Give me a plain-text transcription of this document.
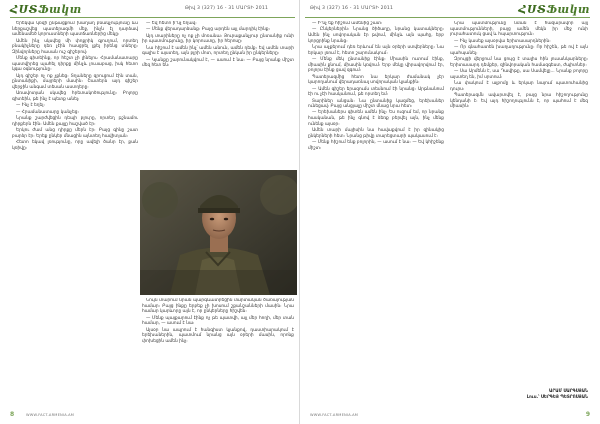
ՀՍՏՖակտ	Թիվ 3 (327) 16 - 31 ՄԱՐՏԻ 2011

Երեկվա կռվի ընթացքում խաղաղ բնակչությունը ևս ներքաշվեց պատերազմի մեջ, ինչն էլ դարձավ ամենամեծ կորուստների պատճառներից մեկը։

Ամեն ինչ սկսվեց մի փոքրիկ գյուղում, որտեղ բնակիչները դեռ չէին հասցրել լքել իրենց տները։ Զինվորները հասան ուշ գիշերով։

Մենք գիտեինք, որ հեշտ չի լինելու։ Հրամանատարը պատվիրեց պահել դիրքը մինչև լուսաբաց, իսկ հետո կգա օգնությունը։

Այդ գիշեր ոչ ոք չքնեց։ Տղաները զրուցում էին տան, ընտանիքի, մայրերի մասին։ Շատերն այդ գիշեր վերջին անգամ տեսան աստղերը։

Առավոտյան սկսվեց հրետակոծությունը։ Բոլորը գիտեին, թե ինչ է պետք անել։

— Ինչ է եղել։

— Հրամանատարը կանչեց։

Նրանք շարժվեցին դեպի բլուրը, որտեղ թշնամու դիրքերն էին։ Ամեն քայլը հաշված էր։

Երկու ժամ անց դիրքը մերն էր։ Բայց գինը շատ բարձր էր։ Երեք ընկեր մնացին այնտեղ հավիտյան։

Հետո եկավ լռությունը, որը ավելի ծանր էր, քան կռիվը։

— Եվ հետո ի՞նչ եղավ։

— Մենք վերադարձանք։ Բայց արդեն այլ մարդիկ էինք։

Այդ տարիները ոչ ոք չի մոռանա։ Յուրաքանչյուր ընտանիք ունի իր պատմությունը, իր կորուստը, իր հերոսը։

Նա հիշում է ամեն ինչ՝ ամեն անուն, ամեն դեմք։ Եվ ամեն տարի գալիս է այստեղ, այն բլրի մոտ, որտեղ ընկան իր ընկերները։

— Կյանքը շարունակվում է, — ասում է նա։ — Բայց նրանք միշտ մեզ հետ են։

Նույն տարում նրան պարգևատրեցին մարտական ծառայության համար։ Բայց ինքը երբեք չի խոսում շքանշանների մասին։ Նրա համար կարևորը այն է, որ ընկերները հիշվեն։

— Մենք պայքարում էինք ոչ թե պատվի, այլ մեր հողի, մեր տան համար, — ասում է նա։

Այսօր նա ապրում է հանգիստ կյանքով, դաստիարակում է երեխաներին, պատմում նրանց այն օրերի մասին, որոնք փոխեցին ամեն ինչ։

8	WWW.FACT-ARMENIA.AM
Թիվ 3 (327) 16 - 31 ՄԱՐՏԻ 2011	ՀՍՏՖակտ

— Ի՞նչ եք հիշում ամենից շատ։

— Ընկերներին։ Նրանց ծիծաղը, նրանց կատակները։ Ամեն ինչ սովորական էր թվում, մինչև այն պահը, երբ կորցրինք նրանց։

Նրա աչքերում դեռ երևում են այն օրերի ստվերները։ Նա երկար լռում է, հետո շարունակում։

— Մենք մեկ ընտանիք էինք։ Միասին ուտում էինք, միասին քնում, միասին կռվում։ Երբ մեկը վիրավորվում էր, բոլորս էինք ցավ զգում։

Պատերազմից հետո նա երկար ժամանակ չէր կարողանում վերադառնալ սովորական կյանքին։

— Ամեն գիշեր երազումս տեսնում էի նրանց։ Արթնանում էի ու չէի հասկանում, թե որտեղ եմ։

Տարիներ անցան։ Նա ընտանիք կազմեց, երեխաներ ունեցավ։ Բայց անցյալը միշտ մնաց նրա հետ։

— Երեխաներս գիտեն ամեն ինչ։ Ես ուզում եմ, որ նրանք հասկանան, թե ինչ գնով է ձեռք բերվել այն, ինչ մենք ունենք այսօր։

Ամեն տարի մայիսին նա հավաքվում է իր զինակից ընկերների հետ։ Նրանց թիվը տարեցտարի պակասում է։

— Մենք հիշում ենք բոլորին, — ասում է նա։ — Եվ կհիշենք միշտ։

Նրա պատմությունը նման է հազարավոր այլ պատմությունների, բայց ամեն մեկն իր մեջ ունի յուրահատուկ ցավ և հպարտություն։

— Ինչ կասեք այսօրվա երիտասարդներին։

— Որ գնահատեն խաղաղությունը։ Որ հիշեն, թե ով է այն պահպանել։

Զրույցի վերջում նա ցույց է տալիս հին լուսանկարները։ Երիտասարդ դեմքեր, զինվորական համազգեստ, ժպիտներ։

— Սա Արմենն է, սա Դավիթը, սա Սամվելը... Նրանք բոլորը այստեղ են, իմ սրտում։

Նա փակում է ալբոմը և երկար նայում պատուհանից դուրս։

Պատերազմն ավարտվել է, բայց նրա հիշողությունը կենդանի է։ Եվ այդ հիշողությունն է, որ պահում է մեզ միասին։

ԱՐԱՄ ՍԱՐԳՍՅԱՆ
Լուս.՝ ՍԵՐԳԵՅ ՊԵՏՐՈՍՅԱՆ
WWW.FACT-ARMENIA.AM	9
